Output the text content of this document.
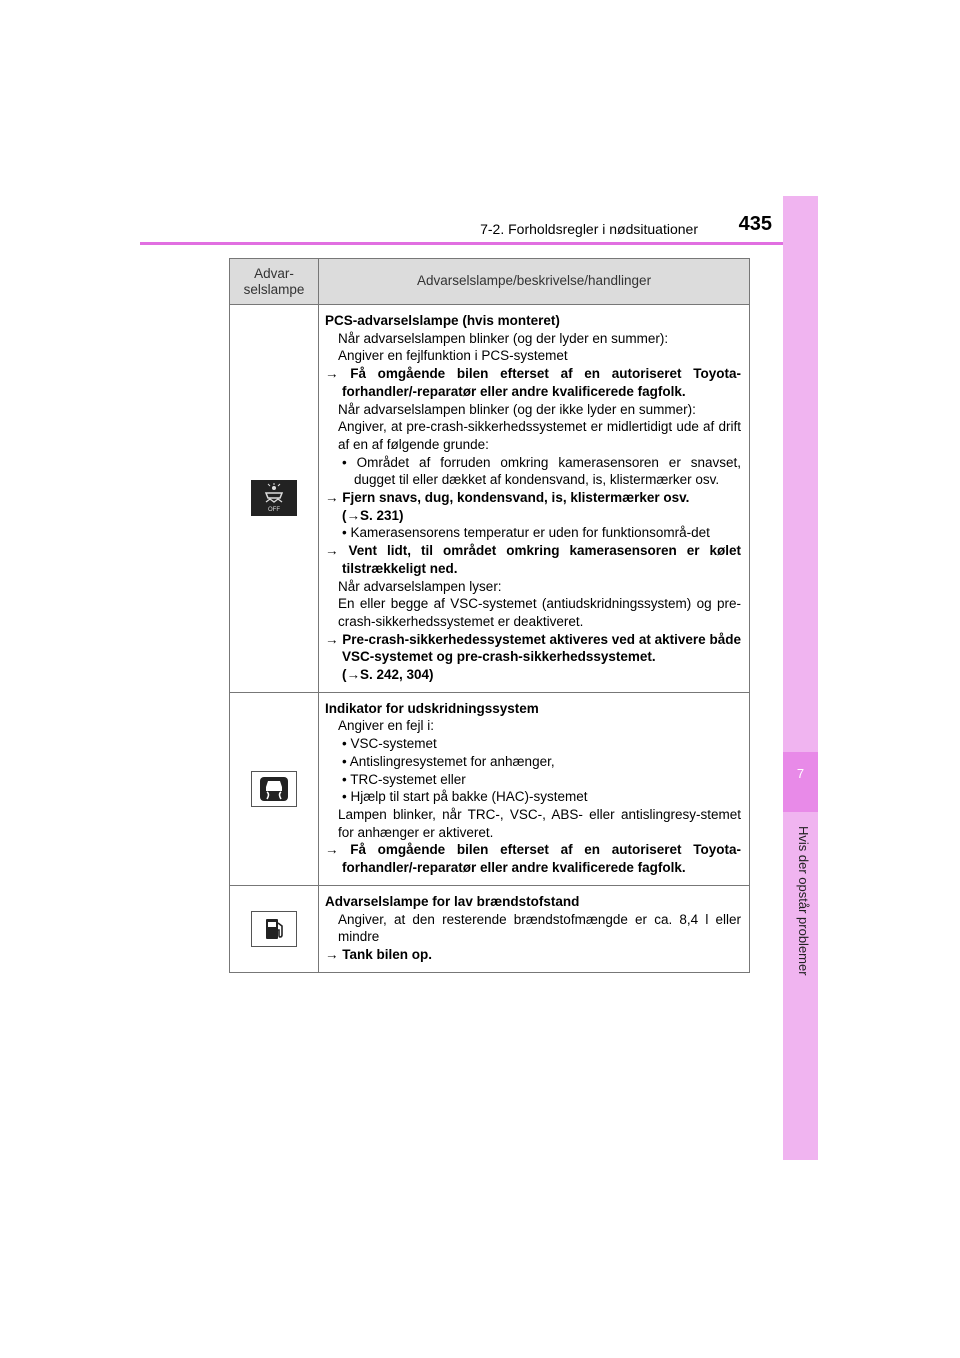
7-2. Forholdsregler i nødsituationer 435
7
Hvis der opstår problemer
Advar-
selslampe
Advarselslampe/beskrivelse/handlinger
OFF
PCS-advarselslampe (hvis monteret)
Når advarselslampen blinker (og der lyder en summer):
Angiver en fejlfunktion i PCS-systemet
→ Få omgående bilen efterset af en autoriseret Toyota-forhandler/-reparatør eller andre kvalificerede fagfolk.
Når advarselslampen blinker (og der ikke lyder en summer):
Angiver, at pre-crash-sikkerhedssystemet er midlertidigt ude af drift af en af følgende grunde:
• Området af forruden omkring kamerasensoren er snavset, dugget til eller dækket af kondensvand, is, klistermærker osv.
→ Fjern snavs, dug, kondensvand, is, klistermærker osv.
(→S. 231)
• Kamerasensorens temperatur er uden for funktionsområ-det
→ Vent lidt, til området omkring kamerasensoren er kølet tilstrækkeligt ned.
Når advarselslampen lyser:
En eller begge af VSC-systemet (antiudskridningssystem) og pre-crash-sikkerhedssystemet er deaktiveret.
→ Pre-crash-sikkerhedessystemet aktiveres ved at aktivere både VSC-systemet og pre-crash-sikkerhedssystemet.
(→S. 242, 304)
Indikator for udskridningssystem
Angiver en fejl i:
• VSC-systemet
• Antislingresystemet for anhænger,
• TRC-systemet eller
• Hjælp til start på bakke (HAC)-systemet
Lampen blinker, når TRC-, VSC-, ABS- eller antislingresy-stemet for anhænger er aktiveret.
→ Få omgående bilen efterset af en autoriseret Toyota-forhandler/-reparatør eller andre kvalificerede fagfolk.
Advarselslampe for lav brændstofstand
Angiver, at den resterende brændstofmængde er ca. 8,4 l eller mindre
→ Tank bilen op.
